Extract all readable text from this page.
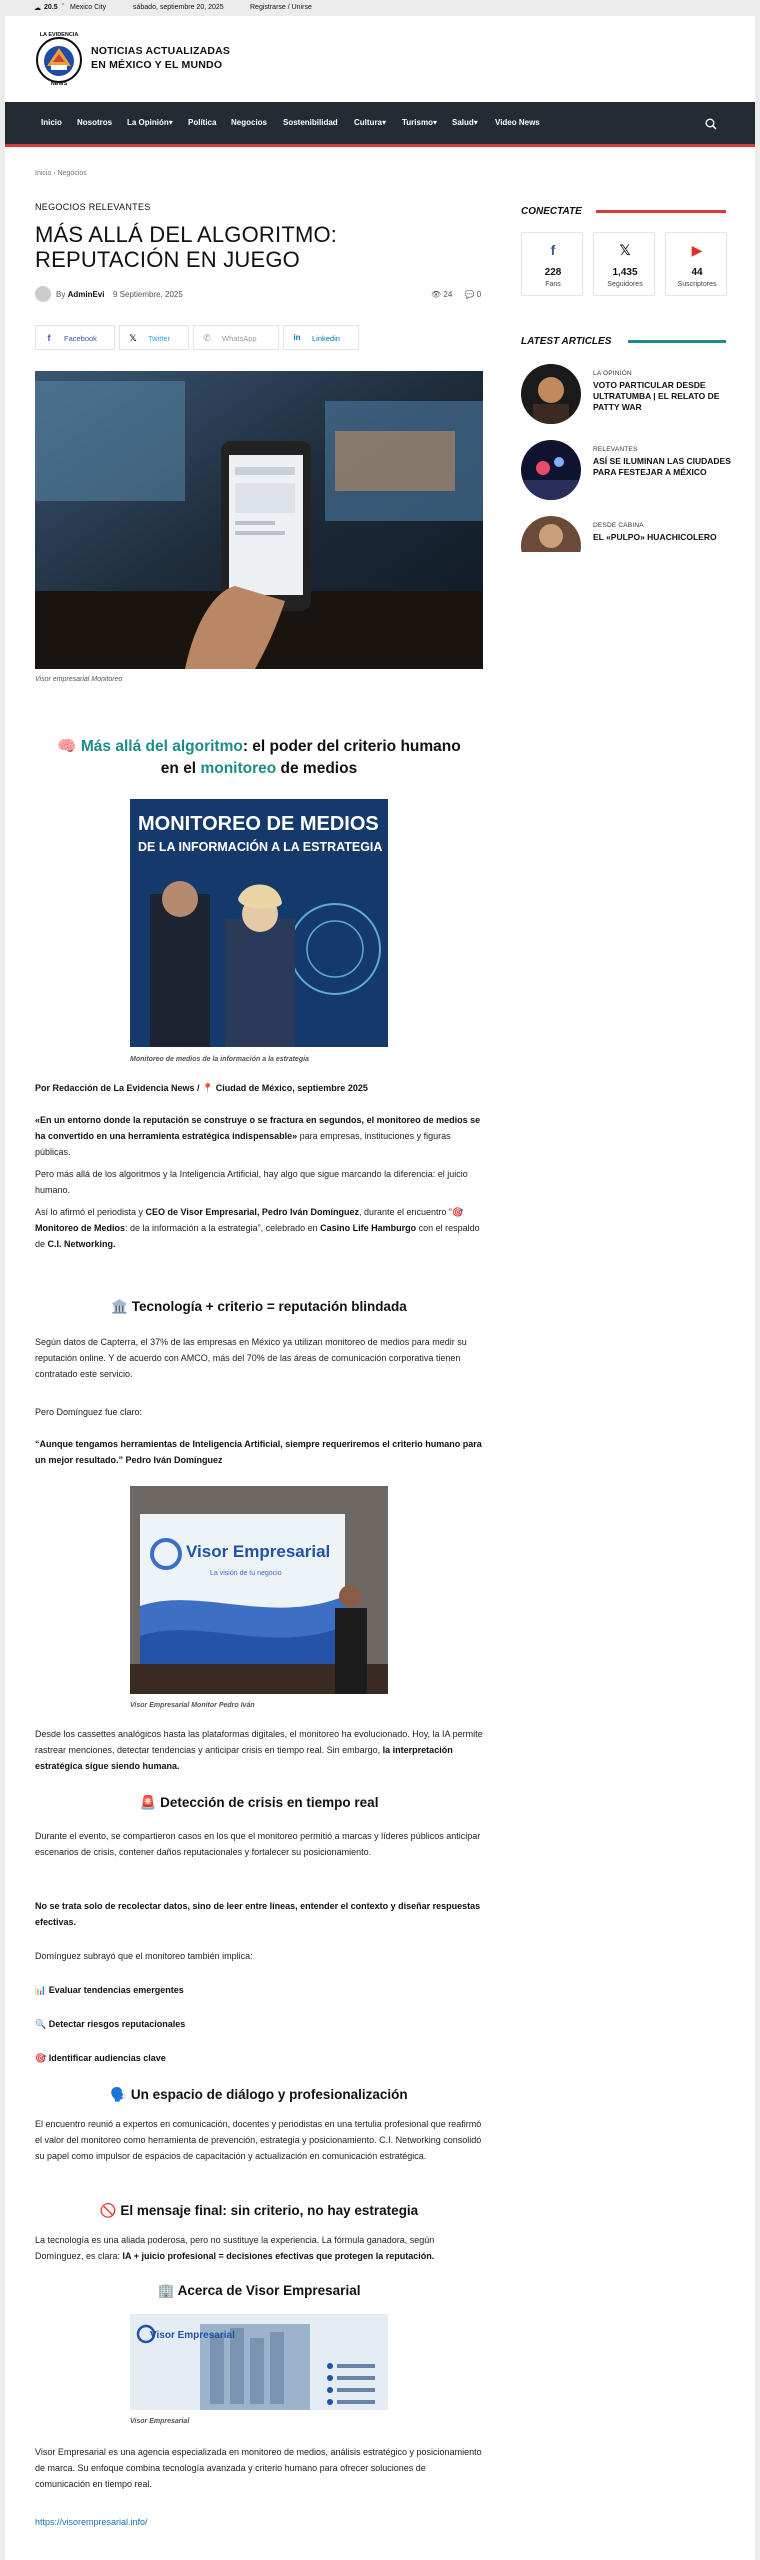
☁ 20.5 ° Mexico City	sábado, septiembre 20, 2025	Registrarse / Unirse
LA EVIDENCIA
NEWS
NOTICIAS ACTUALIZADAS
EN MÉXICO Y EL MUNDO
Inicio Nosotros La Opinión▾ Política Negocios Sostenibilidad Cultura▾ Turismo▾ Salud▾ Video News
Inicio › Negocios
NEGOCIOS RELEVANTES
MÁS ALLÁ DEL ALGORITMO:
REPUTACIÓN EN JUEGO
By AdminEvi 9 Septiembre, 2025	👁 24 💬 0
f	Facebook	𝕏 Twitter	✆ WhatsApp	in Linkedin
Visor empresarial Monitoreo
🧠 Más allá del algoritmo: el poder del criterio humano
en el monitoreo de medios
MONITOREO DE MEDIOS
DE LA INFORMACIÓN A LA ESTRATEGIA
Monitoreo de medios de la información a la estrategia
Por Redacción de La Evidencia News / 📍 Ciudad de México, septiembre 2025
«En un entorno donde la reputación se construye o se fractura en segundos, el monitoreo de medios se ha convertido en una herramienta estratégica indispensable» para empresas, instituciones y figuras públicas.
Pero más allá de los algoritmos y la Inteligencia Artificial, hay algo que sigue marcando la diferencia: el juicio humano.
Así lo afirmó el periodista y CEO de Visor Empresarial, Pedro Iván Domínguez, durante el encuentro “🎯 Monitoreo de Medios: de la información a la estrategia”, celebrado en Casino Life Hamburgo con el respaldo de C.I. Networking.
🏛️ Tecnología + criterio = reputación blindada
Según datos de Capterra, el 37% de las empresas en México ya utilizan monitoreo de medios para medir su reputación online. Y de acuerdo con AMCO, más del 70% de las áreas de comunicación corporativa tienen contratado este servicio.
Pero Domínguez fue claro:
“Aunque tengamos herramientas de Inteligencia Artificial, siempre requeriremos el criterio humano para un mejor resultado.” Pedro Iván Domínguez
Visor Empresarial
La visión de tu negocio
Visor Empresarial Monitor Pedro Iván
Desde los cassettes analógicos hasta las plataformas digitales, el monitoreo ha evolucionado. Hoy, la IA permite rastrear menciones, detectar tendencias y anticipar crisis en tiempo real. Sin embargo, la interpretación estratégica sigue siendo humana.
🚨 Detección de crisis en tiempo real
Durante el evento, se compartieron casos en los que el monitoreo permitió a marcas y líderes públicos anticipar escenarios de crisis, contener daños reputacionales y fortalecer su posicionamiento.
No se trata solo de recolectar datos, sino de leer entre líneas, entender el contexto y diseñar respuestas efectivas.
Domínguez subrayó que el monitoreo también implica:
📊 Evaluar tendencias emergentes
🔍 Detectar riesgos reputacionales
🎯 Identificar audiencias clave
🗣️ Un espacio de diálogo y profesionalización
El encuentro reunió a expertos en comunicación, docentes y periodistas en una tertulia profesional que reafirmó el valor del monitoreo como herramienta de prevención, estrategia y posicionamiento. C.I. Networking consolidó su papel como impulsor de espacios de capacitación y actualización en comunicación estratégica.
🚫 El mensaje final: sin criterio, no hay estrategia
La tecnología es una aliada poderosa, pero no sustituye la experiencia. La fórmula ganadora, según Domínguez, es clara: IA + juicio profesional = decisiones efectivas que protegen la reputación.
🏢 Acerca de Visor Empresarial
Visor Empresarial
Visor Empresarial
Visor Empresarial es una agencia especializada en monitoreo de medios, análisis estratégico y posicionamiento de marca. Su enfoque combina tecnología avanzada y criterio humano para ofrecer soluciones de comunicación en tiempo real.
https://visorempresarial.info/
CONECTATE
f
228
Fans
𝕏
1,435
Seguidores
▶
44
Suscriptores
LATEST ARTICLES
LA OPINIÓN
VOTO PARTICULAR DESDE ULTRATUMBA | EL RELATO DE PATTY WAR
RELEVANTES
ASÍ SE ILUMINAN LAS CIUDADES PARA FESTEJAR A MÉXICO
DESDE CABINA
EL «PULPO» HUACHICOLERO
